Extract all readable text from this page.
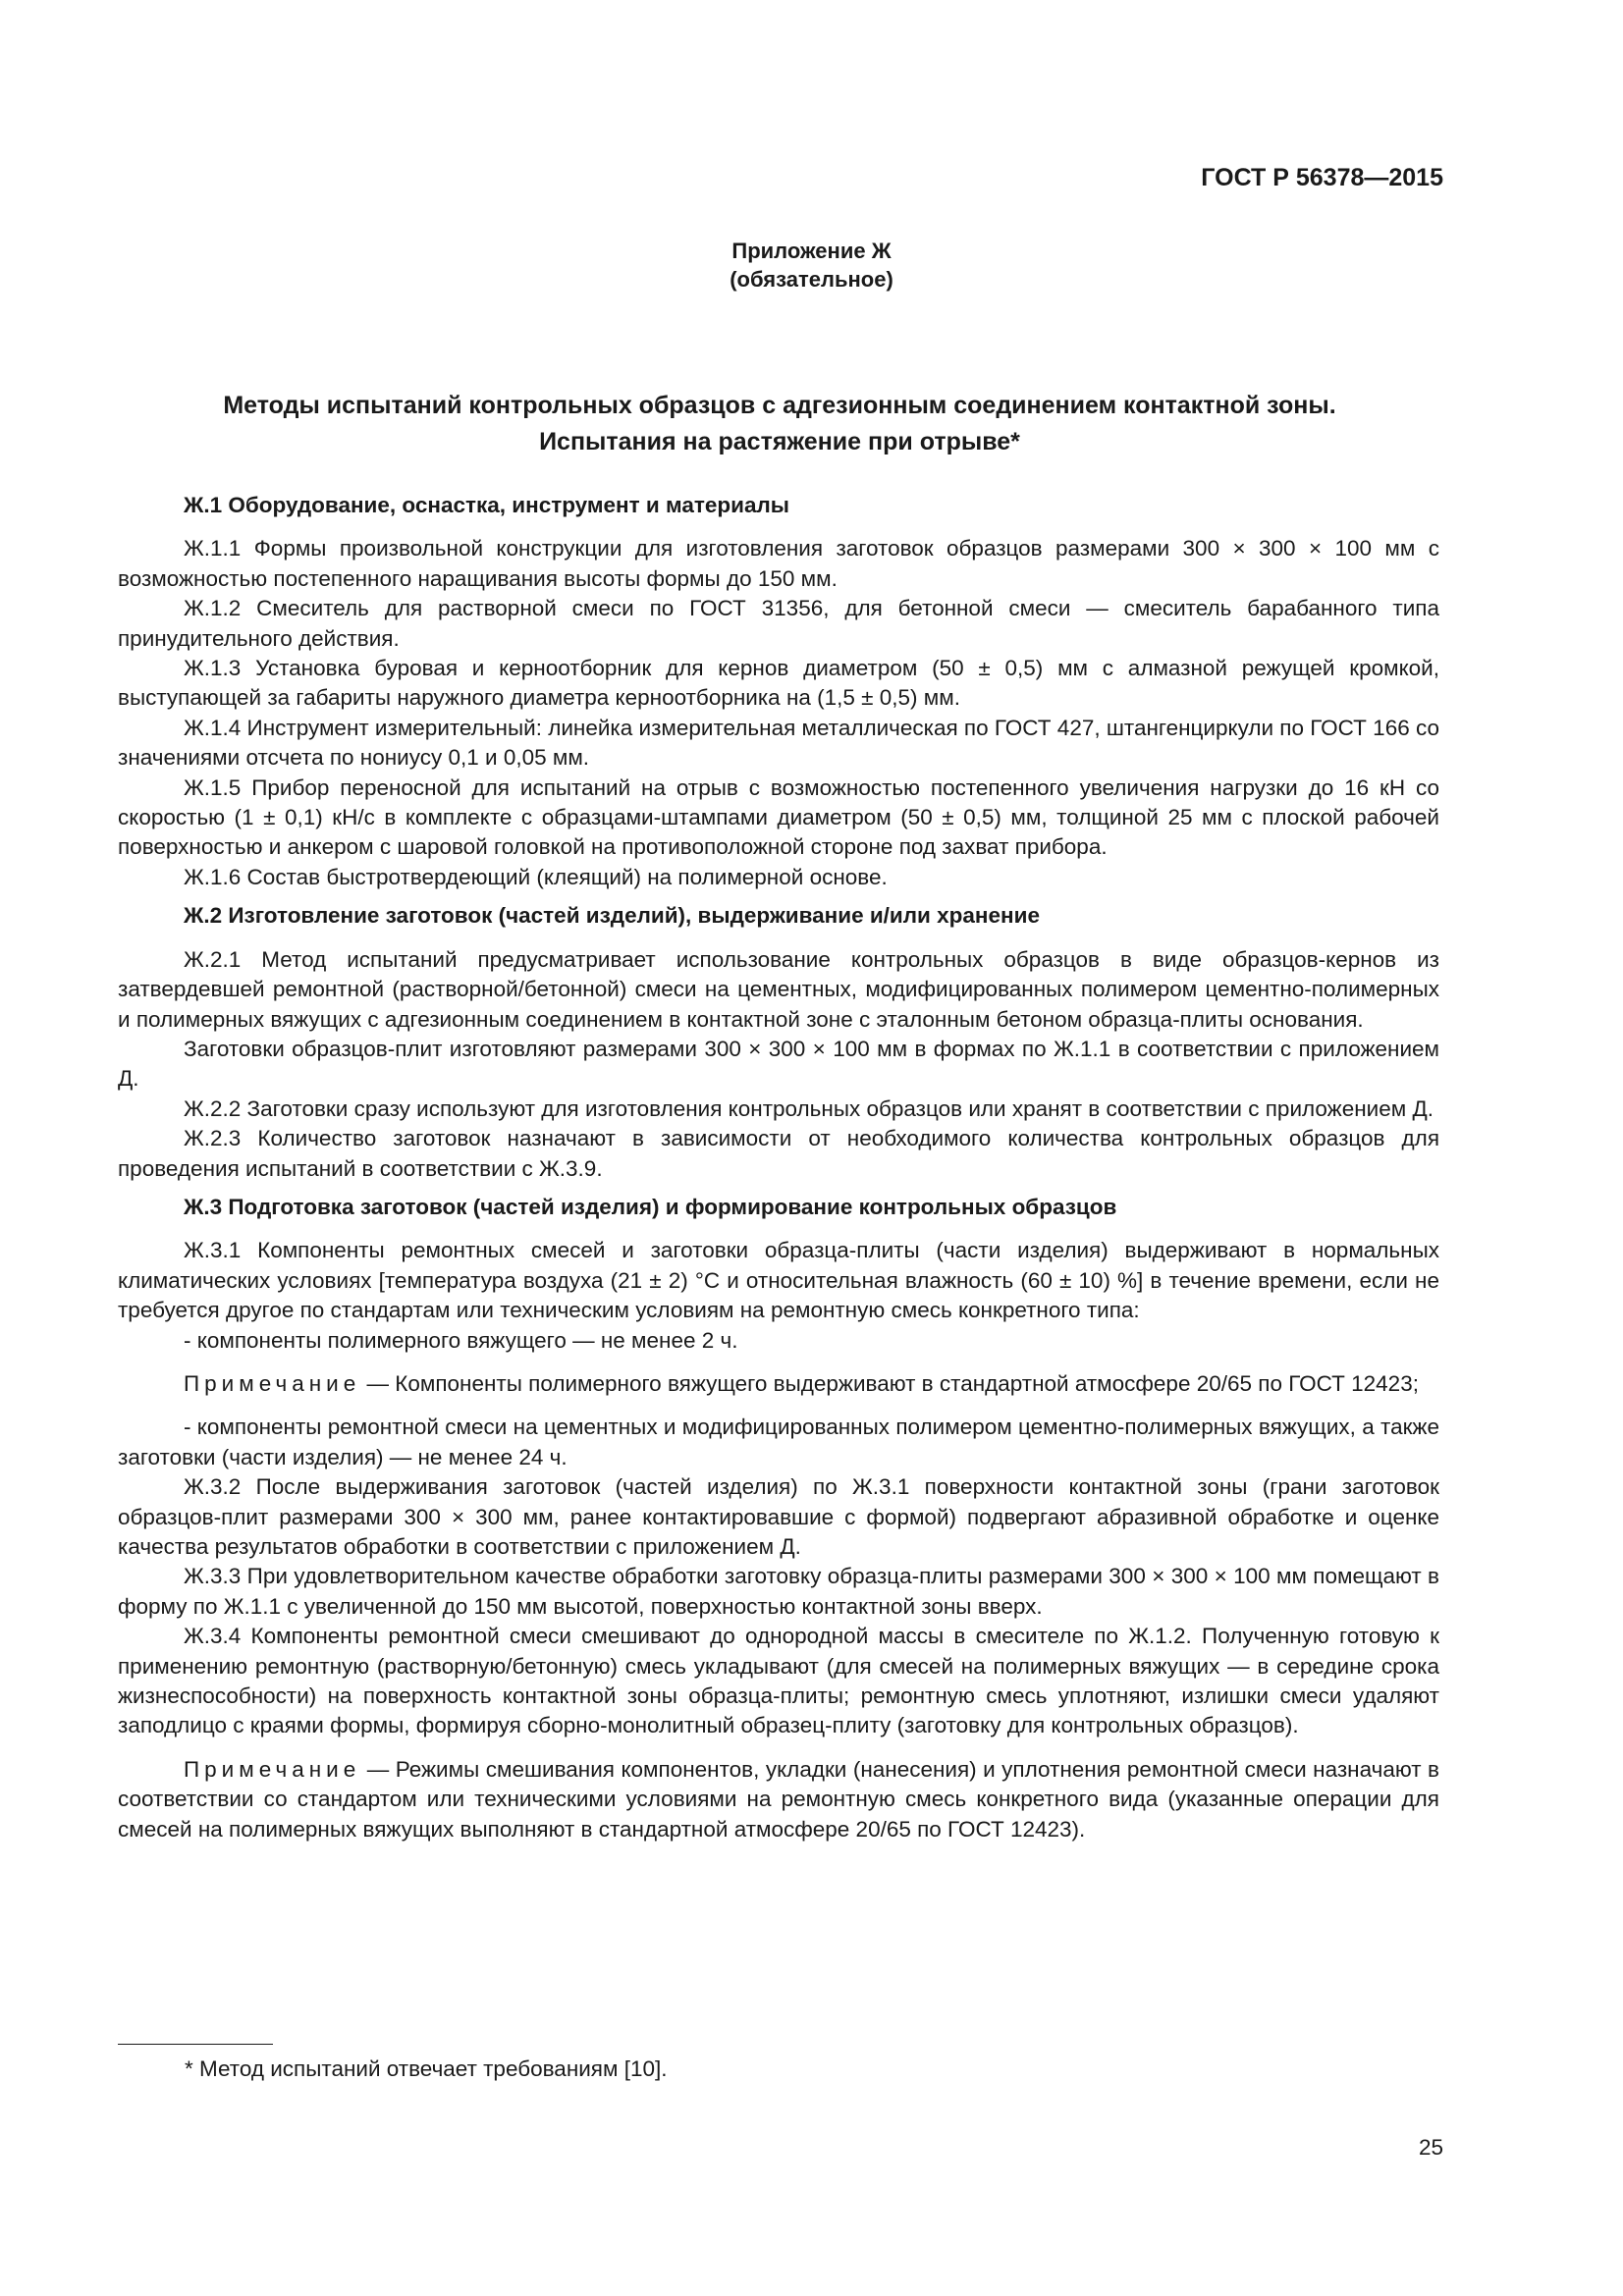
ГОСТ Р 56378—2015
Приложение Ж
(обязательное)
Методы испытаний контрольных образцов с адгезионным соединением контактной зоны.
Испытания на растяжение при отрыве*
Ж.1 Оборудование, оснастка, инструмент и материалы

Ж.1.1 Формы произвольной конструкции для изготовления заготовок образцов размерами 300 × 300 × 100 мм с возможностью постепенного наращивания высоты формы до 150 мм.

Ж.1.2 Смеситель для растворной смеси по ГОСТ 31356, для бетонной смеси — смеситель барабанного типа принудительного действия.

Ж.1.3 Установка буровая и керноотборник для кернов диаметром (50 ± 0,5) мм с алмазной режущей кромкой, выступающей за габариты наружного диаметра керноотборника на (1,5 ± 0,5) мм.

Ж.1.4 Инструмент измерительный: линейка измерительная металлическая по ГОСТ 427, штангенциркули по ГОСТ 166 со значениями отсчета по нониусу 0,1 и 0,05 мм.

Ж.1.5 Прибор переносной для испытаний на отрыв с возможностью постепенного увеличения нагрузки до 16 кН со скоростью (1 ± 0,1) кН/с в комплекте с образцами-штампами диаметром (50 ± 0,5) мм, толщиной 25 мм с плоской рабочей поверхностью и анкером с шаровой головкой на противоположной стороне под захват прибора.

Ж.1.6 Состав быстротвердеющий (клеящий) на полимерной основе.

Ж.2 Изготовление заготовок (частей изделий), выдерживание и/или хранение

Ж.2.1 Метод испытаний предусматривает использование контрольных образцов в виде образцов-кернов из затвердевшей ремонтной (растворной/бетонной) смеси на цементных, модифицированных полимером цементно-полимерных и полимерных вяжущих с адгезионным соединением в контактной зоне с эталонным бетоном образца-плиты основания.

Заготовки образцов-плит изготовляют размерами 300 × 300 × 100 мм в формах по Ж.1.1 в соответствии с приложением Д.

Ж.2.2 Заготовки сразу используют для изготовления контрольных образцов или хранят в соответствии с приложением Д.

Ж.2.3 Количество заготовок назначают в зависимости от необходимого количества контрольных образцов для проведения испытаний в соответствии с Ж.3.9.

Ж.3 Подготовка заготовок (частей изделия) и формирование контрольных образцов

Ж.3.1 Компоненты ремонтных смесей и заготовки образца-плиты (части изделия) выдерживают в нормальных климатических условиях [температура воздуха (21 ± 2) °С и относительная влажность (60 ± 10) %] в течение времени, если не требуется другое по стандартам или техническим условиям на ремонтную смесь конкретного типа:

- компоненты полимерного вяжущего — не менее 2 ч.

Примечание — Компоненты полимерного вяжущего выдерживают в стандартной атмосфере 20/65 по ГОСТ 12423;

- компоненты ремонтной смеси на цементных и модифицированных полимером цементно-полимерных вяжущих, а также заготовки (части изделия) — не менее 24 ч.

Ж.3.2 После выдерживания заготовок (частей изделия) по Ж.3.1 поверхности контактной зоны (грани заготовок образцов-плит размерами 300 × 300 мм, ранее контактировавшие с формой) подвергают абразивной обработке и оценке качества результатов обработки в соответствии с приложением Д.

Ж.3.3 При удовлетворительном качестве обработки заготовку образца-плиты размерами 300 × 300 × 100 мм помещают в форму по Ж.1.1 с увеличенной до 150 мм высотой, поверхностью контактной зоны вверх.

Ж.3.4 Компоненты ремонтной смеси смешивают до однородной массы в смесителе по Ж.1.2. Полученную готовую к применению ремонтную (растворную/бетонную) смесь укладывают (для смесей на полимерных вяжущих — в середине срока жизнеспособности) на поверхность контактной зоны образца-плиты; ремонтную смесь уплотняют, излишки смеси удаляют заподлицо с краями формы, формируя сборно-монолитный образец-плиту (заготовку для контрольных образцов).

Примечание — Режимы смешивания компонентов, укладки (нанесения) и уплотнения ремонтной смеси назначают в соответствии со стандартом или техническими условиями на ремонтную смесь конкретного вида (указанные операции для смесей на полимерных вяжущих выполняют в стандартной атмосфере 20/65 по ГОСТ 12423).

* Метод испытаний отвечает требованиям [10].
25
